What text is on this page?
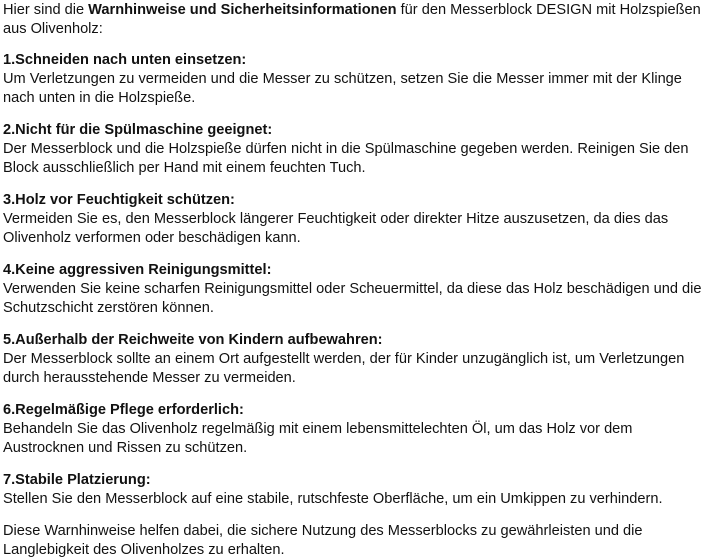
Hier sind die Warnhinweise und Sicherheitsinformationen für den Messerblock DESIGN mit Holzspießen aus Olivenholz:

1.Schneiden nach unten einsetzen:
Um Verletzungen zu vermeiden und die Messer zu schützen, setzen Sie die Messer immer mit der Klinge nach unten in die Holzspieße.
2.Nicht für die Spülmaschine geeignet:
Der Messerblock und die Holzspieße dürfen nicht in die Spülmaschine gegeben werden. Reinigen Sie den Block ausschließlich per Hand mit einem feuchten Tuch.
3.Holz vor Feuchtigkeit schützen:
Vermeiden Sie es, den Messerblock längerer Feuchtigkeit oder direkter Hitze auszusetzen, da dies das Olivenholz verformen oder beschädigen kann.
4.Keine aggressiven Reinigungsmittel:
Verwenden Sie keine scharfen Reinigungsmittel oder Scheuermittel, da diese das Holz beschädigen und die Schutzschicht zerstören können.
5.Außerhalb der Reichweite von Kindern aufbewahren:
Der Messerblock sollte an einem Ort aufgestellt werden, der für Kinder unzugänglich ist, um Verletzungen durch herausstehende Messer zu vermeiden.
6.Regelmäßige Pflege erforderlich:
Behandeln Sie das Olivenholz regelmäßig mit einem lebensmittelechten Öl, um das Holz vor dem Austrocknen und Rissen zu schützen.
7.Stabile Platzierung:
Stellen Sie den Messerblock auf eine stabile, rutschfeste Oberfläche, um ein Umkippen zu verhindern.

Diese Warnhinweise helfen dabei, die sichere Nutzung des Messerblocks zu gewährleisten und die Langlebigkeit des Olivenholzes zu erhalten.
